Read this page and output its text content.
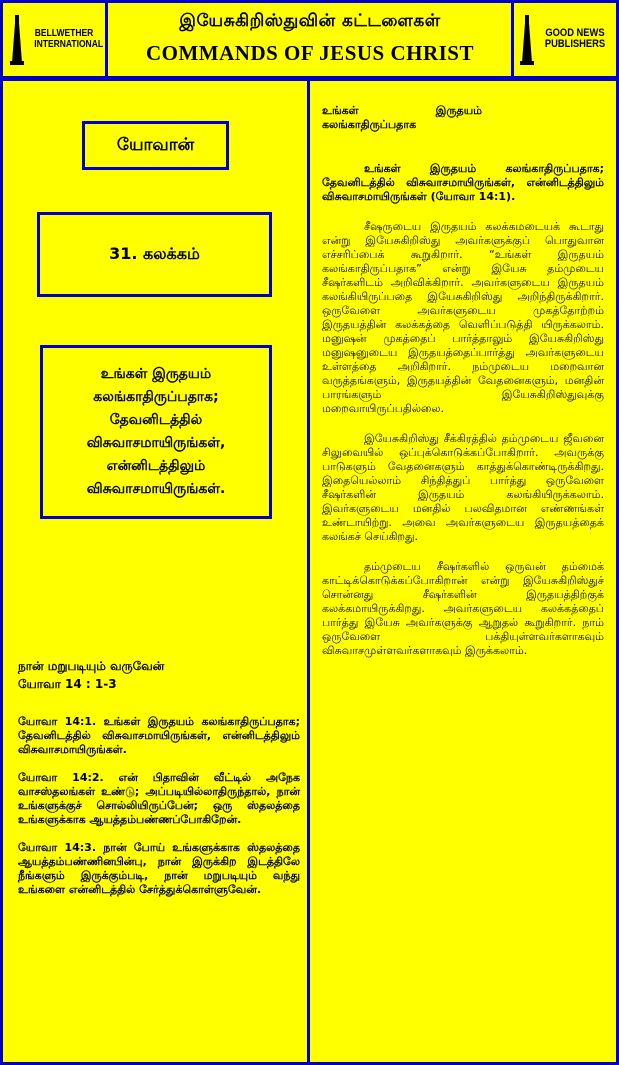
BELLWETHER INTERNATIONAL
GOOD NEWS PUBLISHERS
இயேசுகிறிஸ்துவின் கட்டளைகள்
COMMANDS OF JESUS CHRIST
யோவான்
31. கலக்கம்
உங்கள் இருதயம்
கலங்காதிருப்பதாக;
தேவனிடத்தில்
விசுவாசமாயிருங்கள்,
என்னிடத்திலும்
விசுவாசமாயிருங்கள்.
நான் மறுபடியும் வருவேன்
யோவா 14 : 1-3

யோவா 14:1. உங்கள் இருதயம் கலங்காதிருப்பதாக; தேவனிடத்தில் விசுவாசமாயிருங்கள், என்னிடத்திலும் விசுவாசமாயிருங்கள்.

யோவா 14:2. என் பிதாவின் வீட்டில் அநேக வாசஸ்தலங்கள் உண்டு; அப்படியில்லாதிருந்தால், நான் உங்களுக்குச் சொல்லியிருப்பேன்; ஒரு ஸ்தலத்தை உங்களுக்காக ஆயத்தம்பண்ணப்போகிறேன்.

யோவா 14:3. நான் போய் உங்களுக்காக ஸ்தலத்தை ஆயத்தம்பண்ணினபின்பு, நான் இருக்கிற இடத்திலே நீங்களும் இருக்கும்படி, நான் மறுபடியும் வந்து உங்களை என்னிடத்தில் சேர்த்துக்கொள்ளுவேன்.

உங்கள் இருதயம் கலங்காதிருப்பதாக

உங்கள் இருதயம் கலங்காதிருப்பதாக; தேவனிடத்தில் விசுவாசமாயிருங்கள், என்னிடத்திலும் விசுவாசமாயிருங்கள் (யோவா 14:1).

சீஷருடைய இருதயம் கலக்கமடையக் கூடாது என்று இயேசுகிறிஸ்து அவர்களுக்குப் பொதுவான எச்சரிப்பைக் கூறுகிறார். “உங்கள் இருதயம் கலங்காதிருப்பதாக” என்று இயேசு தம்முடைய சீஷர்களிடம் அறிவிக்கிறார். அவர்களுடைய இருதயம் கலங்கியிருப்பதை இயேசுகிறிஸ்து அறிந்திருக்கிறார். ஒருவேளை அவர்களுடைய முகத்தோற்றம் இருதயத்தின் கலக்கத்தை வெளிப்படுத்தி யிருக்கலாம். மனுஷன் முகத்தைப் பார்த்தாலும் இயேசுகிறிஸ்து மனுஷனுடைய இருதயத்தைப்பார்த்து அவர்களுடைய உள்ளத்தை அறிகிறார். நம்முடைய மறைவான வருத்தங்களும், இருதயத்தின் வேதனைகளும், மனதின் பாரங்களும் இயேசுகிறிஸ்துவுக்கு மறைவாயிருப்பதில்லை.

இயேசுகிறிஸ்து சீக்கிரத்தில் தம்முடைய ஜீவனை சிலுவையில் ஒப்புக்கொடுக்கப்போகிறார். அவருக்கு பாடுகளும் வேதனைகளும் காத்துக்கொண்டிருக்கிறது. இதையெல்லாம் சிந்தித்துப் பார்த்து ஒருவேளை சீஷர்களின் இருதயம் கலங்கியிருக்கலாம். இவர்களுடைய மனதில் பலவிதமான எண்ணங்கள் உண்டாயிற்று. அவை அவர்களுடைய இருதயத்தைக் கலங்கச் செய்கிறது.

தம்முடைய சீஷர்களில் ஒருவன் தம்மைக் காட்டிக்கொடுக்கப்போகிறான் என்று இயேசுகிறிஸ்துச் சொன்னது சீஷர்களின் இருதயத்திற்குக் கலக்கமாயிருக்கிறது. அவர்களுடைய கலக்கத்தைப் பார்த்து இயேசு அவர்களுக்கு ஆறுதல் கூறுகிறார். நாம் ஒருவேளை பக்தியுள்ளவர்களாகவும் விசுவாசமுள்ளவர்களாகவும் இருக்கலாம்.
